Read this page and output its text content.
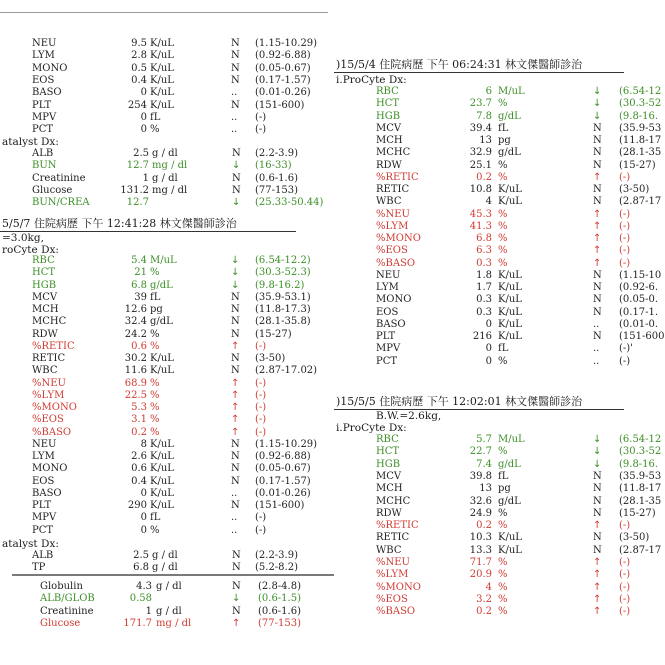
NEU	9.5 K/uL	N (1.15-10.29)
LYM	2.8 K/uL	N (0.92-6.88)
MONO	0.5 K/uL	N (0.05-0.67)
EOS	0.4 K/uL	N (0.17-1.57)
BASO	0 K/uL	.. (0.01-0.26)
PLT	254 K/uL	N (151-600)
MPV	0 fL	.. (-)
PCT	0 %	.. (-)
atalyst Dx:
ALB	2.5 g / dl	N (2.2-3.9)
BUN	12.7 mg / dl	↓ (16-33)
Creatinine	1 g / dl	N (0.6-1.6)
Glucose	131.2 mg / dl	N (77-153)
BUN/CREA	12.7	↓ (25.33-50.44)
5/5/7 住院病歷 下午 12:41:28 林文傑醫師診治
=3.0kg,
roCyte Dx:
RBC	5.4 M/uL	↓ (6.54-12.2)
HCT	21 %	↓ (30.3-52.3)
HGB	6.8 g/dL	↓ (9.8-16.2)
MCV	39 fL	N (35.9-53.1)
MCH	12.6 pg	N (11.8-17.3)
MCHC	32.4 g/dL	N (28.1-35.8)
RDW	24.2 %	N (15-27)
%RETIC	0.6 %	↑ (-)
RETIC	30.2 K/uL	N (3-50)
WBC	11.6 K/uL	N (2.87-17.02)
%NEU	68.9 %	↑ (-)
%LYM	22.5 %	↑ (-)
%MONO	5.3 %	↑ (-)
%EOS	3.1 %	↑ (-)
%BASO	0.2 %	↑ (-)
NEU	8 K/uL	N (1.15-10.29)
LYM	2.6 K/uL	N (0.92-6.88)
MONO	0.6 K/uL	N (0.05-0.67)
EOS	0.4 K/uL	N (0.17-1.57)
BASO	0 K/uL	.. (0.01-0.26)
PLT	290 K/uL	N (151-600)
MPV	0 fL	.. (-)
PCT	0 %	.. (-)
atalyst Dx:
ALB	2.5 g / dl	N (2.2-3.9)
TP	6.8 g / dl	N (5.2-8.2)
Globulin	4.3 g / dl	N (2.8-4.8)
ALB/GLOB	0.58	↓ (0.6-1.5)
Creatinine	1 g / dl	N (0.6-1.6)
Glucose	171.7 mg / dl	↑ (77-153)
)15/5/4 住院病歷 下午 06:24:31 林文傑醫師診治
i.ProCyte Dx:
RBC	6 M/uL	↓ (6.54-12
HCT	23.7 %	↓ (30.3-52
HGB	7.8 g/dL	↓ (9.8-16.
MCV	39.4 fL	N (35.9-53
MCH	13 pg	N (11.8-17
MCHC	32.9 g/dL	N (28.1-35
RDW	25.1 %	N (15-27)
%RETIC	0.2 %	↑ (-)
RETIC	10.8 K/uL	N (3-50)
WBC	4 K/uL	N (2.87-17
%NEU	45.3 %	↑ (-)
%LYM	41.3 %	↑ (-)
%MONO	6.8 %	↑ (-)
%EOS	6.3 %	↑ (-)
%BASO	0.3 %	↑ (-)
NEU	1.8 K/uL	N (1.15-10
LYM	1.7 K/uL	N (0.92-6.
MONO	0.3 K/uL	N (0.05-0.
EOS	0.3 K/uL	N (0.17-1.
BASO	0 K/uL	.. (0.01-0.
PLT	216 K/uL	N (151-600
MPV	0 fL	.. (-)'
PCT	0 %	.. (-)
)15/5/5 住院病歷 下午 12:02:01 林文傑醫師診治
B.W.=2.6kg,
i.ProCyte Dx:
RBC	5.7 M/uL	↓ (6.54-12
HCT	22.7 %	↓ (30.3-52
HGB	7.4 g/dL	↓ (9.8-16.
MCV	39.8 fL	N (35.9-53
MCH	13 pg	N (11.8-17
MCHC	32.6 g/dL	N (28.1-35
RDW	24.9 %	N (15-27)
%RETIC	0.2 %	↑ (-)
RETIC	10.3 K/uL	N (3-50)
WBC	13.3 K/uL	N (2.87-17
%NEU	71.7 %	↑ (-)
%LYM	20.9 %	↑ (-)
%MONO	4 %	↑ (-)
%EOS	3.2 %	↑ (-)
%BASO	0.2 %	↑ (-)
